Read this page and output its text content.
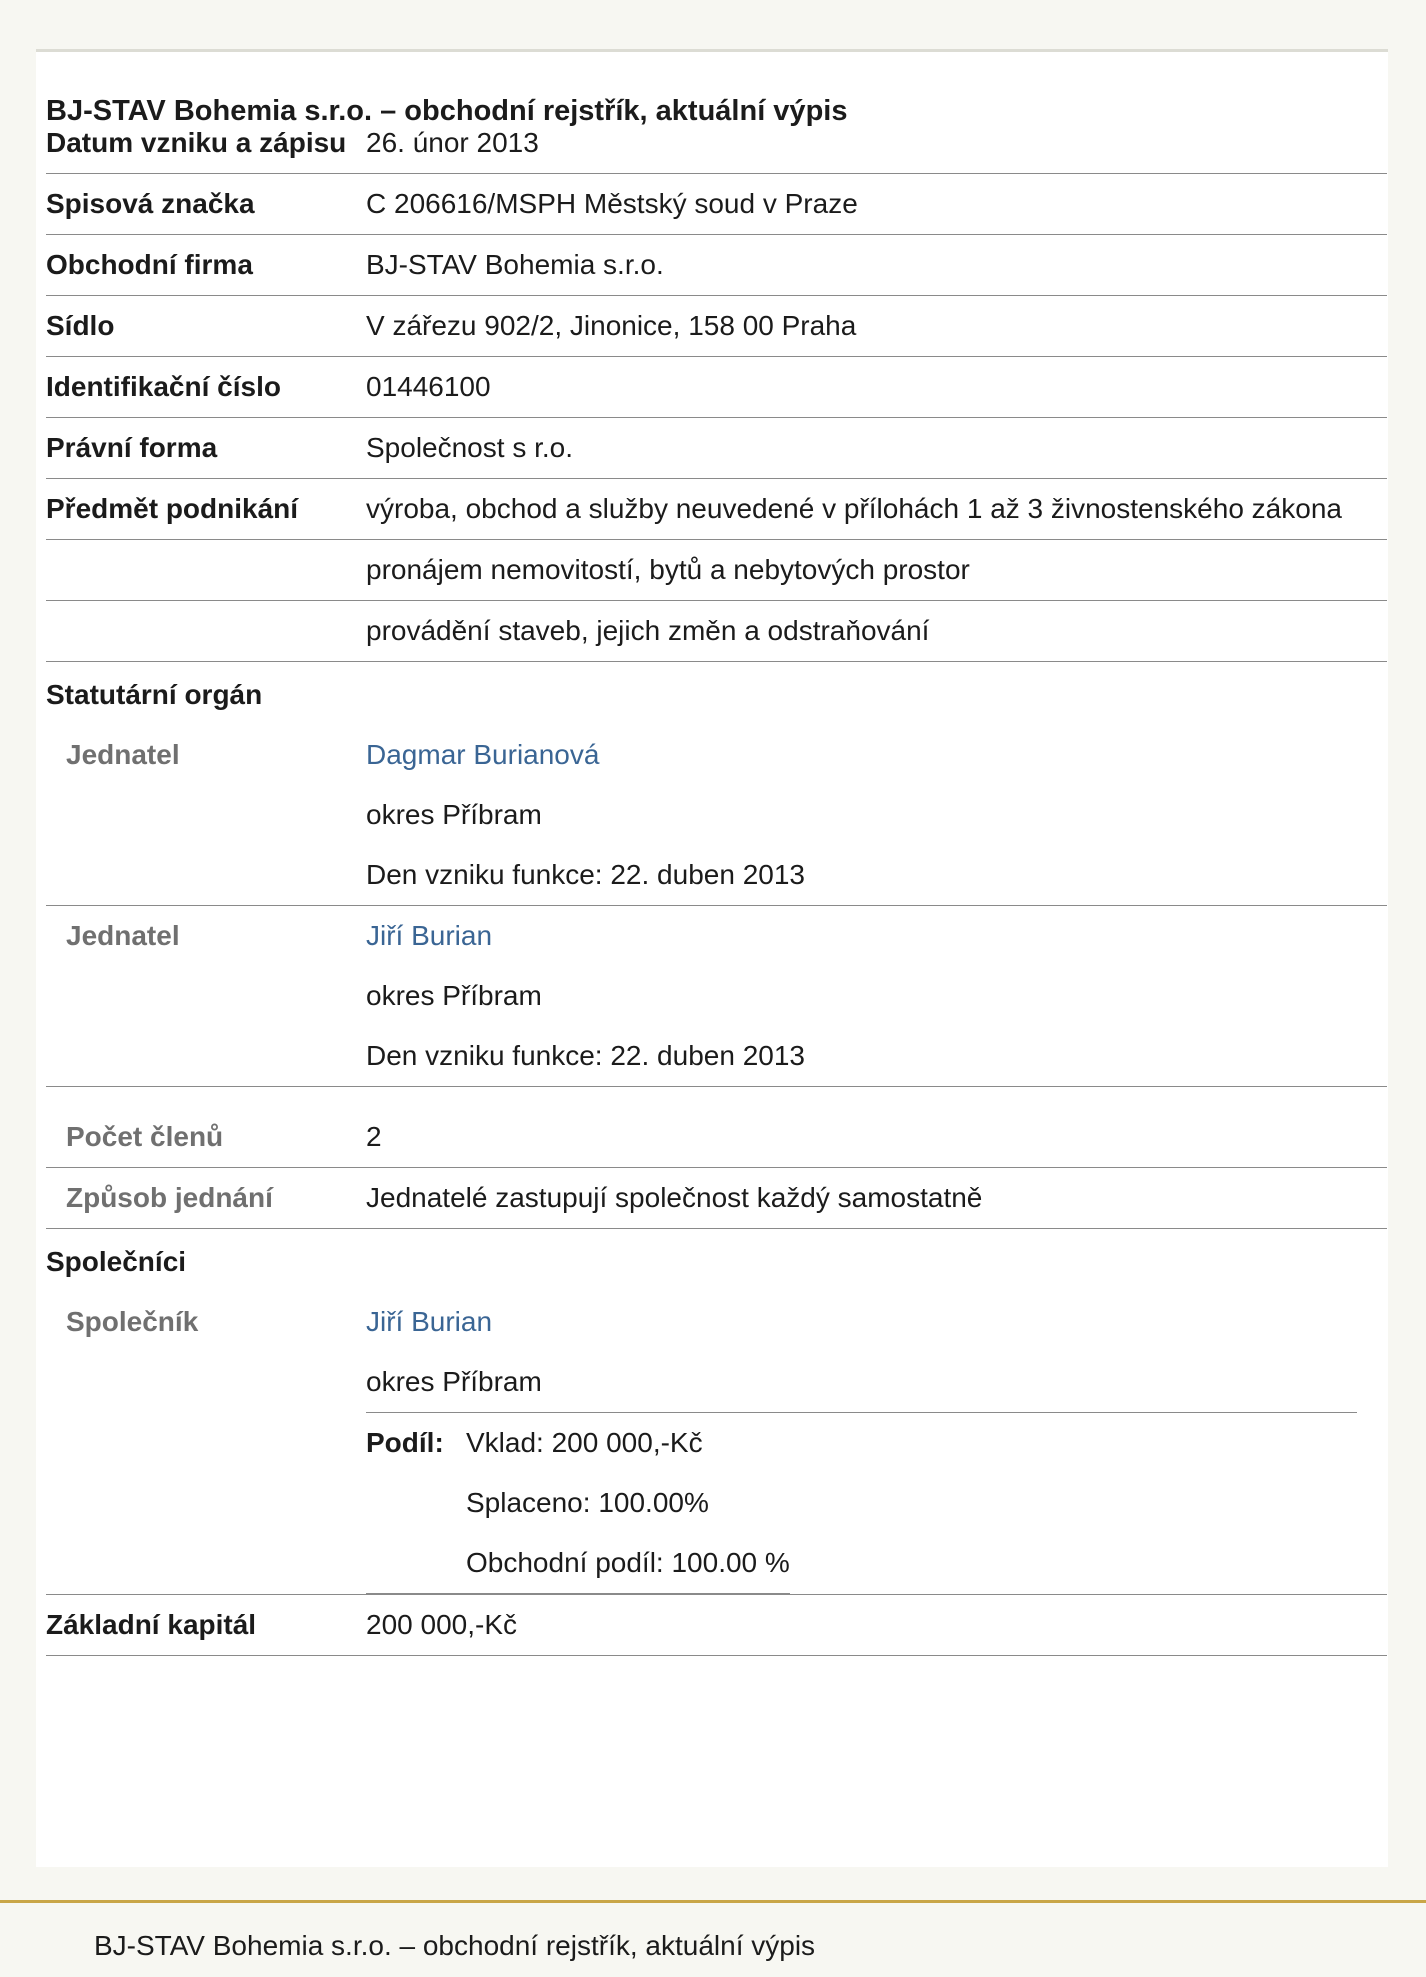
BJ-STAV Bohemia s.r.o. – obchodní rejstřík, aktuální výpis
Datum vzniku a zápisu	26. únor 2013
Spisová značka	C 206616/MSPH Městský soud v Praze
Obchodní firma	BJ-STAV Bohemia s.r.o.
Sídlo	V zářezu 902/2, Jinonice, 158 00 Praha
Identifikační číslo	01446100
Právní forma	Společnost s r.o.
Předmět podnikání	výroba, obchod a služby neuvedené v přílohách 1 až 3 živnostenského zákona
	pronájem nemovitostí, bytů a nebytových prostor
	provádění staveb, jejich změn a odstraňování
Statutární orgán
Jednatel	Dagmar Burianová
okres Příbram
Den vzniku funkce: 22. duben 2013

Jednatel	Jiří Burian
okres Příbram
Den vzniku funkce: 22. duben 2013

Počet členů	2
Způsob jednání	Jednatelé zastupují společnost každý samostatně
Společníci
Společník	Jiří Burian
okres Příbram
Podíl:	Vklad: 200 000,-Kč
Splaceno: 100.00%
Obchodní podíl: 100.00 %

Základní kapitál	200 000,-Kč
BJ-STAV Bohemia s.r.o. – obchodní rejstřík, aktuální výpis
